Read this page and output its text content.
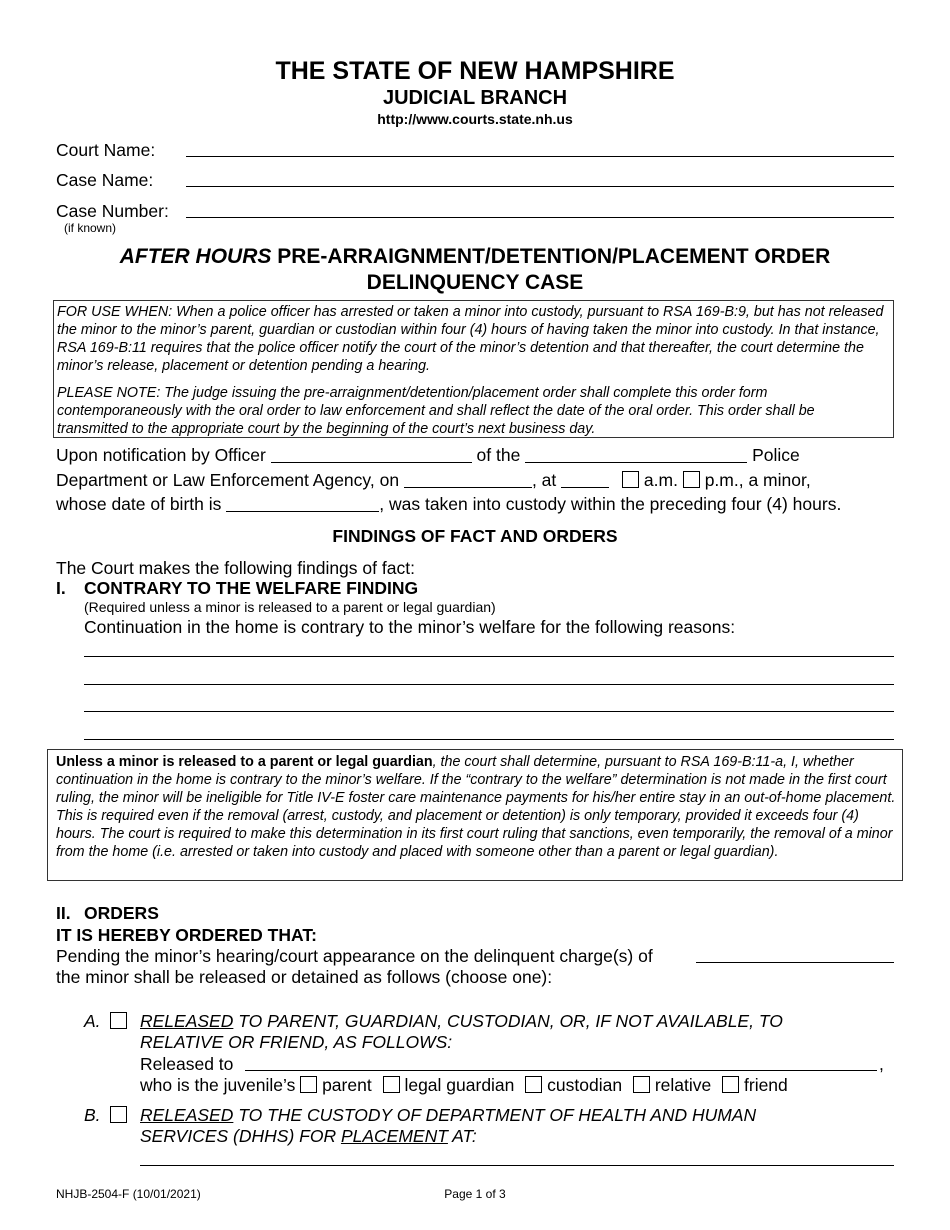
THE STATE OF NEW HAMPSHIRE
JUDICIAL BRANCH
http://www.courts.state.nh.us
Court Name:
Case Name:
Case Number:
(if known)
AFTER HOURS PRE-ARRAIGNMENT/DETENTION/PLACEMENT ORDER
DELINQUENCY CASE

FOR USE WHEN: When a police officer has arrested or taken a minor into custody, pursuant to RSA 169-B:9, but has not released the minor to the minor’s parent, guardian or custodian within four (4) hours of having taken the minor into custody. In that instance, RSA 169-B:11 requires that the police officer notify the court of the minor’s detention and that thereafter, the court determine the minor’s release, placement or detention pending a hearing.

PLEASE NOTE: The judge issuing the pre-arraignment/detention/placement order shall complete this order form contemporaneously with the oral order to law enforcement and shall reflect the date of the oral order. This order shall be transmitted to the appropriate court by the beginning of the court’s next business day.

Upon notification by Officer	of the	Police
Department or Law Enforcement Agency, on	, at	a.m. p.m., a minor,
whose date of birth is	, was taken into custody within the preceding four (4) hours.
FINDINGS OF FACT AND ORDERS
The Court makes the following findings of fact:
I. CONTRARY TO THE WELFARE FINDING
(Required unless a minor is released to a parent or legal guardian)
Continuation in the home is contrary to the minor’s welfare for the following reasons:
Unless a minor is released to a parent or legal guardian, the court shall determine, pursuant to RSA 169-B:11-a, I, whether continuation in the home is contrary to the minor’s welfare. If the “contrary to the welfare” determination is not made in the first court ruling, the minor will be ineligible for Title IV-E foster care maintenance payments for his/her entire stay in an out-of-home placement. This is required even if the removal (arrest, custody, and placement or detention) is only temporary, provided it exceeds four (4) hours. The court is required to make this determination in its first court ruling that sanctions, even temporarily, the removal of a minor from the home (i.e. arrested or taken into custody and placed with someone other than a parent or legal guardian).
II. ORDERS
IT IS HEREBY ORDERED THAT:
Pending the minor’s hearing/court appearance on the delinquent charge(s) of
the minor shall be released or detained as follows (choose one):
A. RELEASED TO PARENT, GUARDIAN, CUSTODIAN, OR, IF NOT AVAILABLE, TO
RELATIVE OR FRIEND, AS FOLLOWS:
Released to	,
who is the juvenile’s parent legal guardian custodian relative friend
B. RELEASED TO THE CUSTODY OF DEPARTMENT OF HEALTH AND HUMAN
SERVICES (DHHS) FOR PLACEMENT AT:
NHJB-2504-F (10/01/2021)	Page 1 of 3
